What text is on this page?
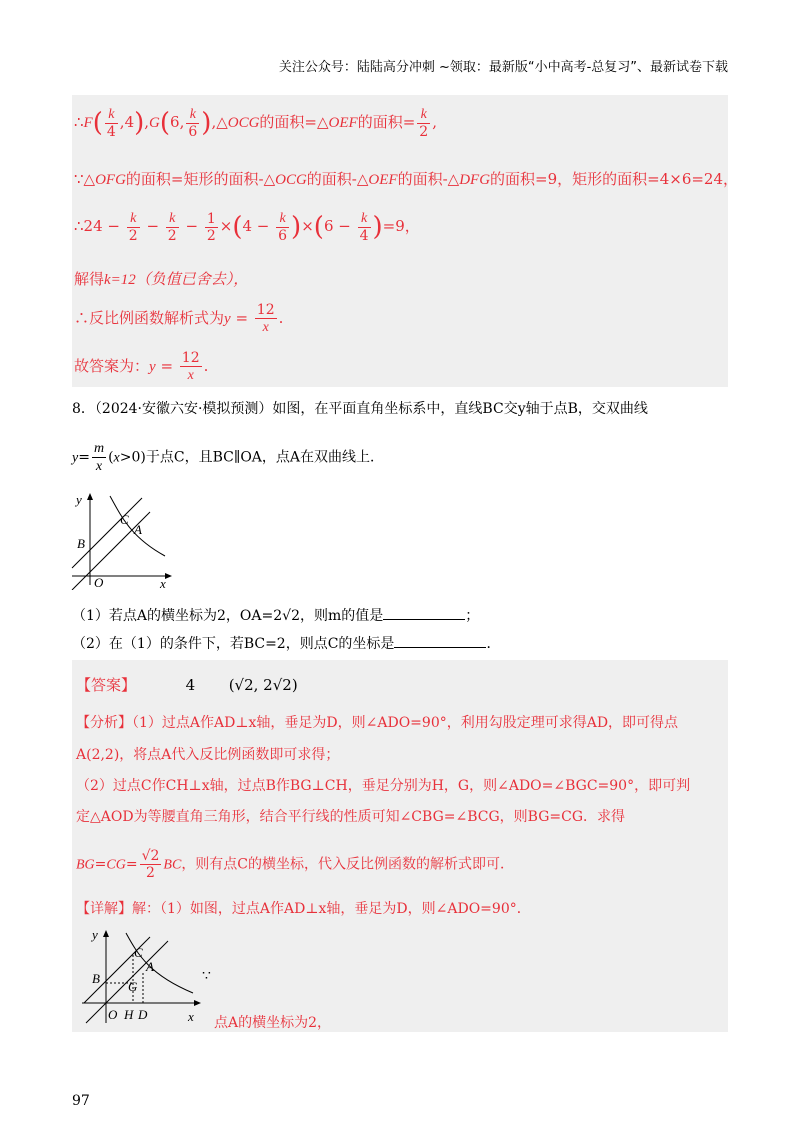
关注公众号：陆陆高分冲刺 ~领取：最新版“小中高考-总复习”、最新试卷下载
∴F( $\frac{k}{4} ,4),G(6$, $\frac{k}{6}$ ),△OCG的面积=△OEF的面积= $\frac{k}{2}$ ,
∵△OFG的面积=矩形的面积-△OCG的面积-△OEF的面积-△DFG的面积=9，矩形的面积=4×6=24，
∴24 − $\frac{k}{2} - \frac{k}{2} - \frac{1}{2} \times(4 - \frac{k}{6} )\times(6 - \frac{k}{4} )=9$，
解得k=12（负值已舍去），
∴反比例函数解析式为$y = \frac{12}{x}$ .
故答案为：$y = \frac{12}{x}$ .
8．（2024·安徽六安·模拟预测）如图，在平面直角坐标系中，直线BC交y轴于点B，交双曲线
$y= \frac{m}{x} (x>0)$于点C，且BC∥OA，点A在双曲线上．
y
C
A
B
O	x
（1）若点A的横坐标为2，OA=2√2，则m的值是	；
（2）在（1）的条件下，若BC=2，则点C的坐标是	．
【答案】	4 (√2, 2√2)
【分析】（1）过点A作AD⊥x轴，垂足为D，则∠ADO=90°，利用勾股定理可求得AD，即可得点
A(2,2)，将点A代入反比例函数即可求得；
（2）过点C作CH⊥x轴，过点B作BG⊥CH，垂足分别为H，G，则∠ADO=∠BGC=90°，即可判
定△AOD为等腰直角三角形，结合平行线的性质可知∠CBG=∠BCG，则BG=CG．求得
$BG=CG= \frac{√2}{2}$ BC，则有点C的横坐标，代入反比例函数的解析式即可．
【详解】解：（1）如图，过点A作AD⊥x轴，垂足为D，则∠ADO=90°．
y
C
A
B
G
O H D	x
∵
点A的横坐标为2，
97
